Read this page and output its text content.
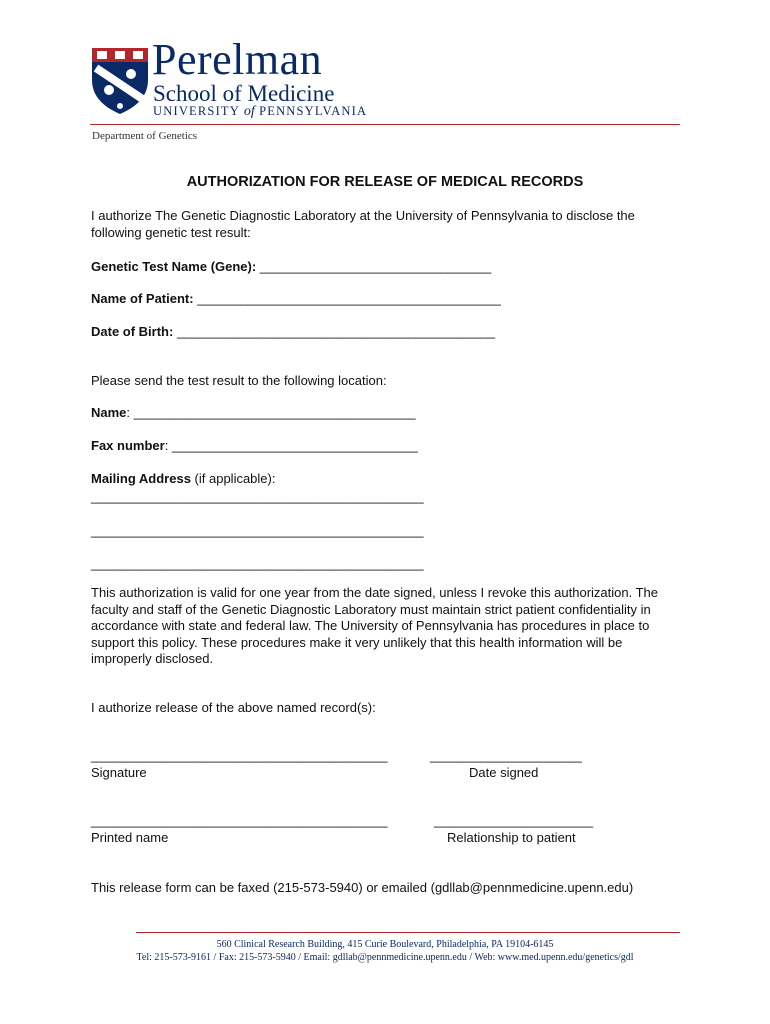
Perelman
School of Medicine
UNIVERSITY of PENNSYLVANIA
Department of Genetics
AUTHORIZATION FOR RELEASE OF MEDICAL RECORDS
I authorize The Genetic Diagnostic Laboratory at the University of Pennsylvania to disclose the following genetic test result:
Genetic Test Name (Gene): ________________________________
Name of Patient: __________________________________________
Date of Birth: ____________________________________________
Please send the test result to the following location:
Name: _______________________________________
Fax number: __________________________________
Mailing Address (if applicable):
______________________________________________
______________________________________________
______________________________________________
This authorization is valid for one year from the date signed, unless I revoke this authorization. The faculty and staff of the Genetic Diagnostic Laboratory must maintain strict patient confidentiality in accordance with state and federal law. The University of Pennsylvania has procedures in place to support this policy. These procedures make it very unlikely that this health information will be improperly disclosed.
I authorize release of the above named record(s):
_________________________________________	_____________________
Signature	Date signed
_________________________________________	______________________
Printed name	Relationship to patient
This release form can be faxed (215-573-5940) or emailed (gdllab@pennmedicine.upenn.edu)
560 Clinical Research Building, 415 Curie Boulevard, Philadelphia, PA 19104-6145
Tel: 215-573-9161 / Fax: 215-573-5940 / Email: gdllab@pennmedicine.upenn.edu / Web: www.med.upenn.edu/genetics/gdl
